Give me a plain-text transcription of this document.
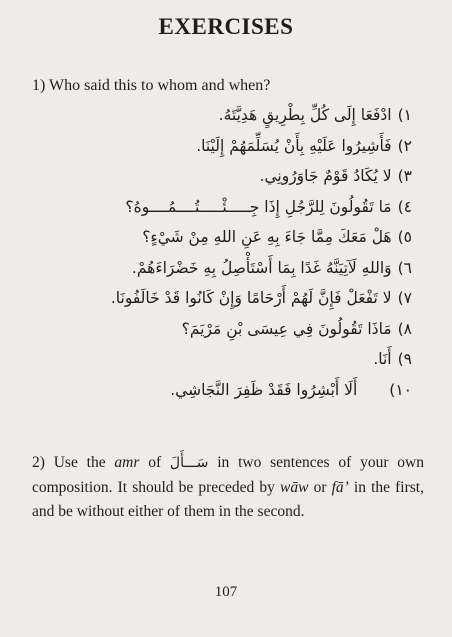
EXERCISES
1) Who said this to whom and when?
١)ادْفَعَا إِلَى كُلِّ بِطْرِيقٍ هَدِيَّتَهُ.
٢)فَأَشِيرُوا عَلَيْهِ بِأَنْ يُسَلِّمَهُمْ إِلَيْنَا.
٣)لا يُكَادُ قَوْمٌ جَاوَرُونِي.
٤)مَا تَقُولُونَ لِلرَّجُلِ إِذَا جِـــــئْـــــتُــــمُــــوهُ؟
٥)هَلْ مَعَكَ مِمَّا جَاءَ بِهِ عَنِ اللهِ مِنْ شَيْءٍ؟
٦)وَاللهِ لَآتِيَنَّهُ غَدًا بِمَا أَسْتَأْصِلُ بِهِ خَضْرَاءَهُمْ.
٧)لا تَفْعَلْ فَإِنَّ لَهُمْ أَرْحَامًا وَإِنْ كَانُوا قَدْ خَالَفُونَا.
٨)مَاذَا تَقُولُونَ فِي عِيسَى بْنِ مَرْيَمَ؟
٩)أَنَا.
١٠)أَلَا أَبْشِرُوا فَقَدْ ظَفِرَ النَّجَاشِي.
2) Use the amr of سَـــأَلَ in two sentences of your own composition. It should be preceded by wāw or fā’ in the first, and be without either of them in the second.
107
